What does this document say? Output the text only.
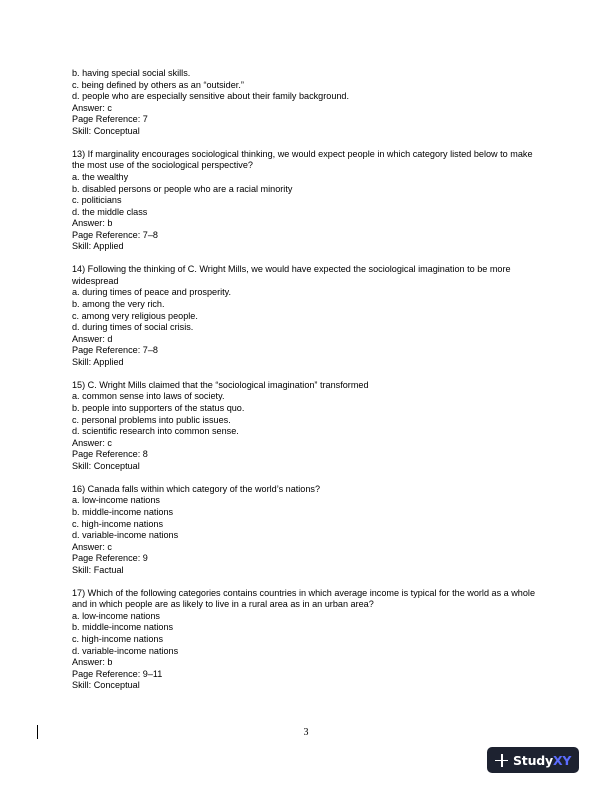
b. having special social skills.
c. being defined by others as an “outsider.”
d. people who are especially sensitive about their family background.
Answer: c
Page Reference: 7
Skill: Conceptual
13) If marginality encourages sociological thinking, we would expect people in which category listed below to make the most use of the sociological perspective?
a. the wealthy
b. disabled persons or people who are a racial minority
c. politicians
d. the middle class
Answer: b
Page Reference: 7–8
Skill: Applied
14) Following the thinking of C. Wright Mills, we would have expected the sociological imagination to be more widespread
a. during times of peace and prosperity.
b. among the very rich.
c. among very religious people.
d. during times of social crisis.
Answer: d
Page Reference: 7–8
Skill: Applied
15) C. Wright Mills claimed that the “sociological imagination” transformed
a. common sense into laws of society.
b. people into supporters of the status quo.
c. personal problems into public issues.
d. scientific research into common sense.
Answer: c
Page Reference: 8
Skill: Conceptual
16) Canada falls within which category of the world’s nations?
a. low-income nations
b. middle-income nations
c. high-income nations
d. variable-income nations
Answer: c
Page Reference: 9
Skill: Factual
17) Which of the following categories contains countries in which average income is typical for the world as a whole and in which people are as likely to live in a rural area as in an urban area?
a. low-income nations
b. middle-income nations
c. high-income nations
d. variable-income nations
Answer: b
Page Reference: 9–11
Skill: Conceptual
3
StudyXY
